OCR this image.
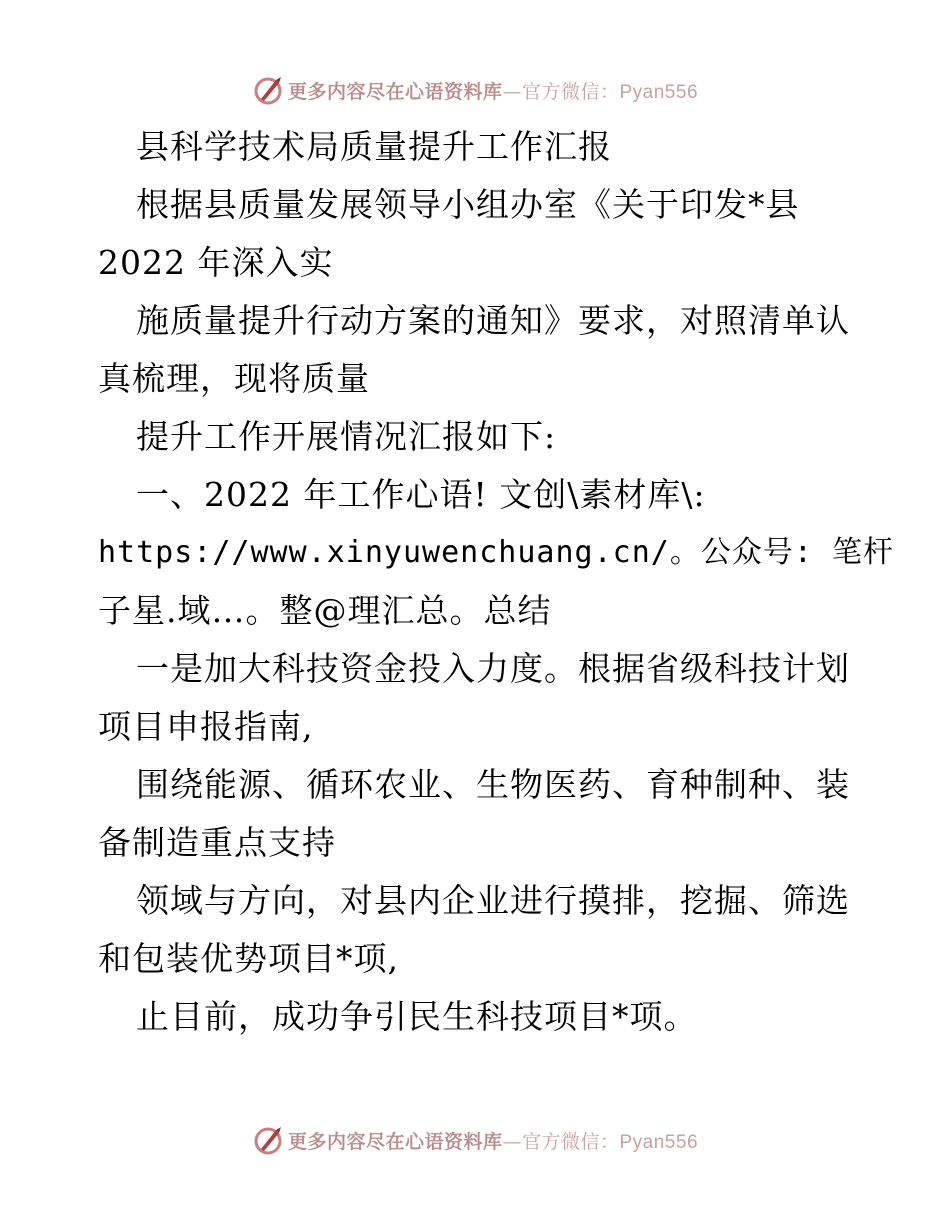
更多内容尽在心语资料库—官方微信：Pyan556
县科学技术局质量提升工作汇报
根据县质量发展领导小组办室《关于印发*县
2022 年深入实
施质量提升行动方案的通知》要求，对照清单认
真梳理，现将质量
提升工作开展情况汇报如下:
一、2022 年工作心语! 文创\素材库\:
https://www.xinyuwenchuang.cn/。公众号: 笔杆
子星.域…。整@理汇总。总结
一是加大科技资金投入力度。根据省级科技计划
项目申报指南,
围绕能源、循环农业、生物医药、育种制种、装
备制造重点支持
领域与方向，对县内企业进行摸排，挖掘、筛选
和包装优势项目*项,
止目前，成功争引民生科技项目*项。
更多内容尽在心语资料库—官方微信：Pyan556
